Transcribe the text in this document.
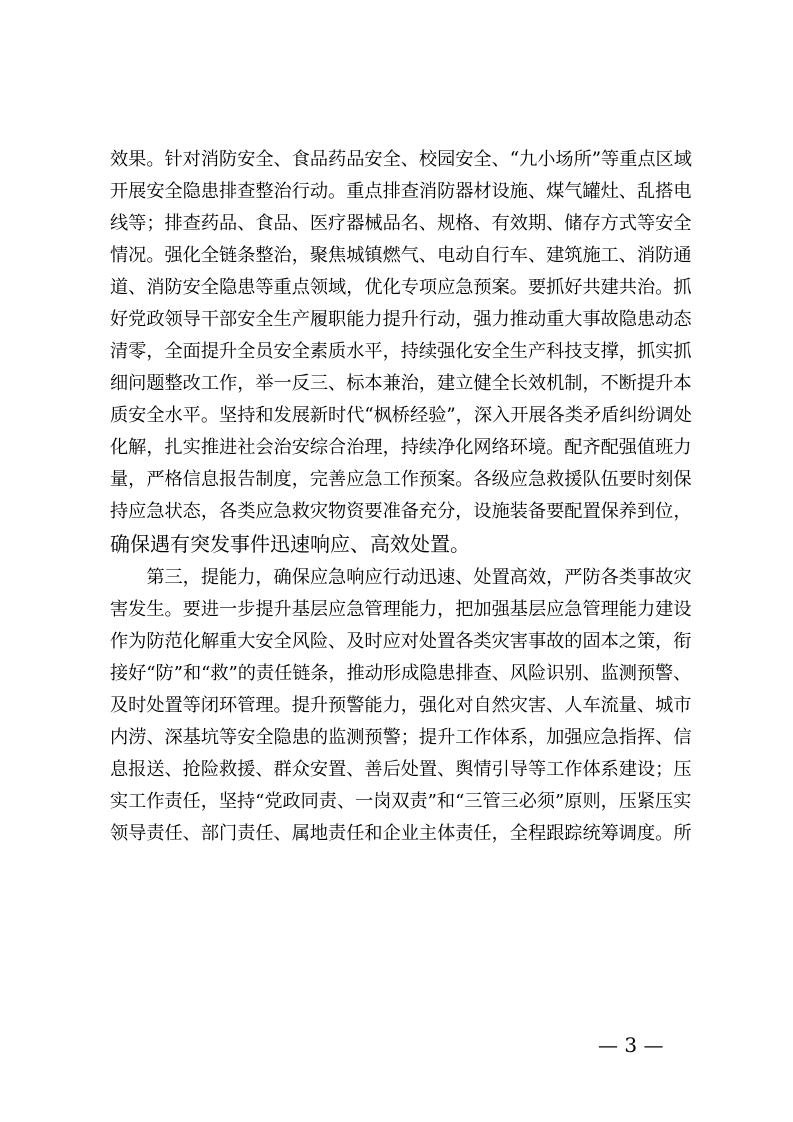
效果。针对消防安全、食品药品安全、校园安全、“九小场所”等重点区域
开展安全隐患排查整治行动。重点排查消防器材设施、煤气罐灶、乱搭电
线等；排查药品、食品、医疗器械品名、规格、有效期、储存方式等安全
情况。强化全链条整治，聚焦城镇燃气、电动自行车、建筑施工、消防通
道、消防安全隐患等重点领域，优化专项应急预案。要抓好共建共治。抓
好党政领导干部安全生产履职能力提升行动，强力推动重大事故隐患动态
清零，全面提升全员安全素质水平，持续强化安全生产科技支撑，抓实抓
细问题整改工作，举一反三、标本兼治，建立健全长效机制，不断提升本
质安全水平。坚持和发展新时代“枫桥经验”，深入开展各类矛盾纠纷调处
化解，扎实推进社会治安综合治理，持续净化网络环境。配齐配强值班力
量，严格信息报告制度，完善应急工作预案。各级应急救援队伍要时刻保
持应急状态，各类应急救灾物资要准备充分，设施装备要配置保养到位，
确保遇有突发事件迅速响应、高效处置。
　　第三，提能力，确保应急响应行动迅速、处置高效，严防各类事故灾
害发生。要进一步提升基层应急管理能力，把加强基层应急管理能力建设
作为防范化解重大安全风险、及时应对处置各类灾害事故的固本之策，衔
接好“防”和“救”的责任链条，推动形成隐患排查、风险识别、监测预警、
及时处置等闭环管理。提升预警能力，强化对自然灾害、人车流量、城市
内涝、深基坑等安全隐患的监测预警；提升工作体系，加强应急指挥、信
息报送、抢险救援、群众安置、善后处置、舆情引导等工作体系建设；压
实工作责任，坚持“党政同责、一岗双责”和“三管三必须”原则，压紧压实
领导责任、部门责任、属地责任和企业主体责任，全程跟踪统筹调度。所
— 3 —
